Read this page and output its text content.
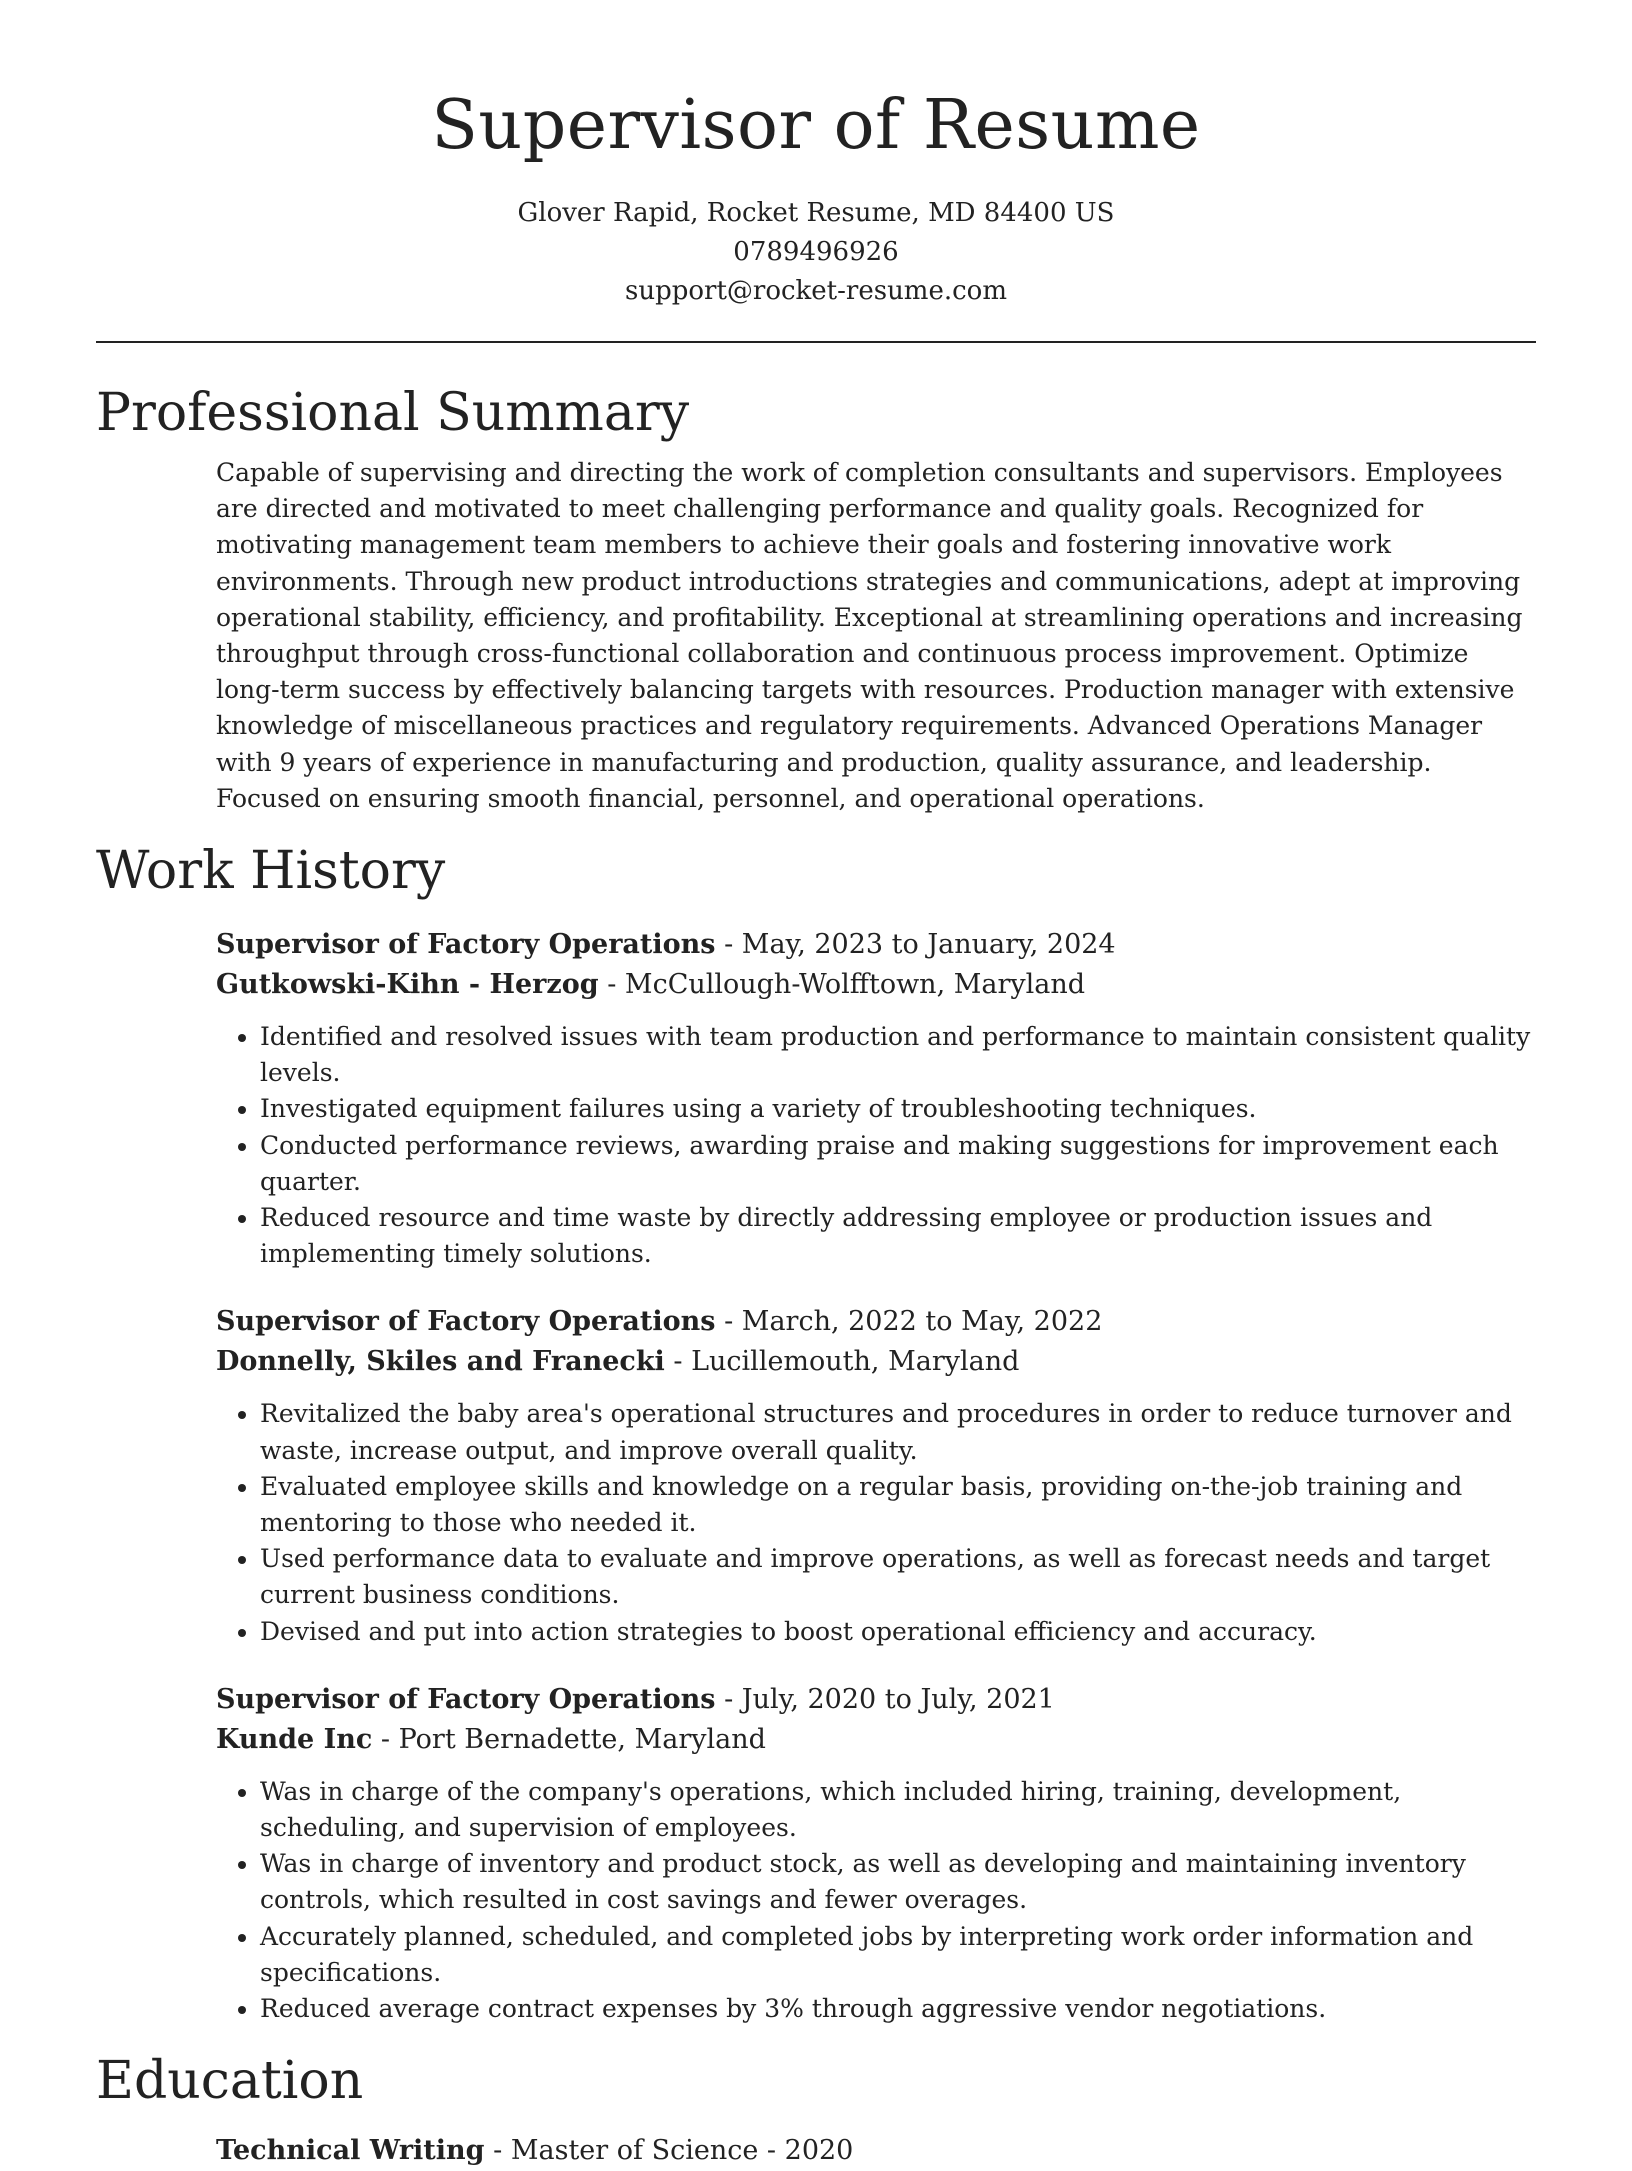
Supervisor of Resume
Glover Rapid, Rocket Resume, MD 84400 US
0789496926
support@rocket-resume.com
Professional Summary

Capable of supervising and directing the work of completion consultants and supervisors. Employees are directed and motivated to meet challenging performance and quality goals. Recognized for motivating management team members to achieve their goals and fostering innovative work environments. Through new product introductions strategies and communications, adept at improving operational stability, efficiency, and profitability. Exceptional at streamlining operations and increasing throughput through cross-functional collaboration and continuous process improvement. Optimize long-term success by effectively balancing targets with resources. Production manager with extensive knowledge of miscellaneous practices and regulatory requirements. Advanced Operations Manager with 9 years of experience in manufacturing and production, quality assurance, and leadership. Focused on ensuring smooth financial, personnel, and operational operations.

Work History
Supervisor of Factory Operations - May, 2023 to January, 2024
Gutkowski-Kihn - Herzog - McCullough-Wolfftown, Maryland
• Identified and resolved issues with team production and performance to maintain consistent quality levels.
• Investigated equipment failures using a variety of troubleshooting techniques.
• Conducted performance reviews, awarding praise and making suggestions for improvement each quarter.
• Reduced resource and time waste by directly addressing employee or production issues and implementing timely solutions.
Supervisor of Factory Operations - March, 2022 to May, 2022
Donnelly, Skiles and Franecki - Lucillemouth, Maryland
• Revitalized the baby area's operational structures and procedures in order to reduce turnover and waste, increase output, and improve overall quality.
• Evaluated employee skills and knowledge on a regular basis, providing on-the-job training and mentoring to those who needed it.
• Used performance data to evaluate and improve operations, as well as forecast needs and target current business conditions.
• Devised and put into action strategies to boost operational efficiency and accuracy.
Supervisor of Factory Operations - July, 2020 to July, 2021
Kunde Inc - Port Bernadette, Maryland
• Was in charge of the company's operations, which included hiring, training, development, scheduling, and supervision of employees.
• Was in charge of inventory and product stock, as well as developing and maintaining inventory controls, which resulted in cost savings and fewer overages.
• Accurately planned, scheduled, and completed jobs by interpreting work order information and specifications.
• Reduced average contract expenses by 3% through aggressive vendor negotiations.
Education
Technical Writing - Master of Science - 2020
